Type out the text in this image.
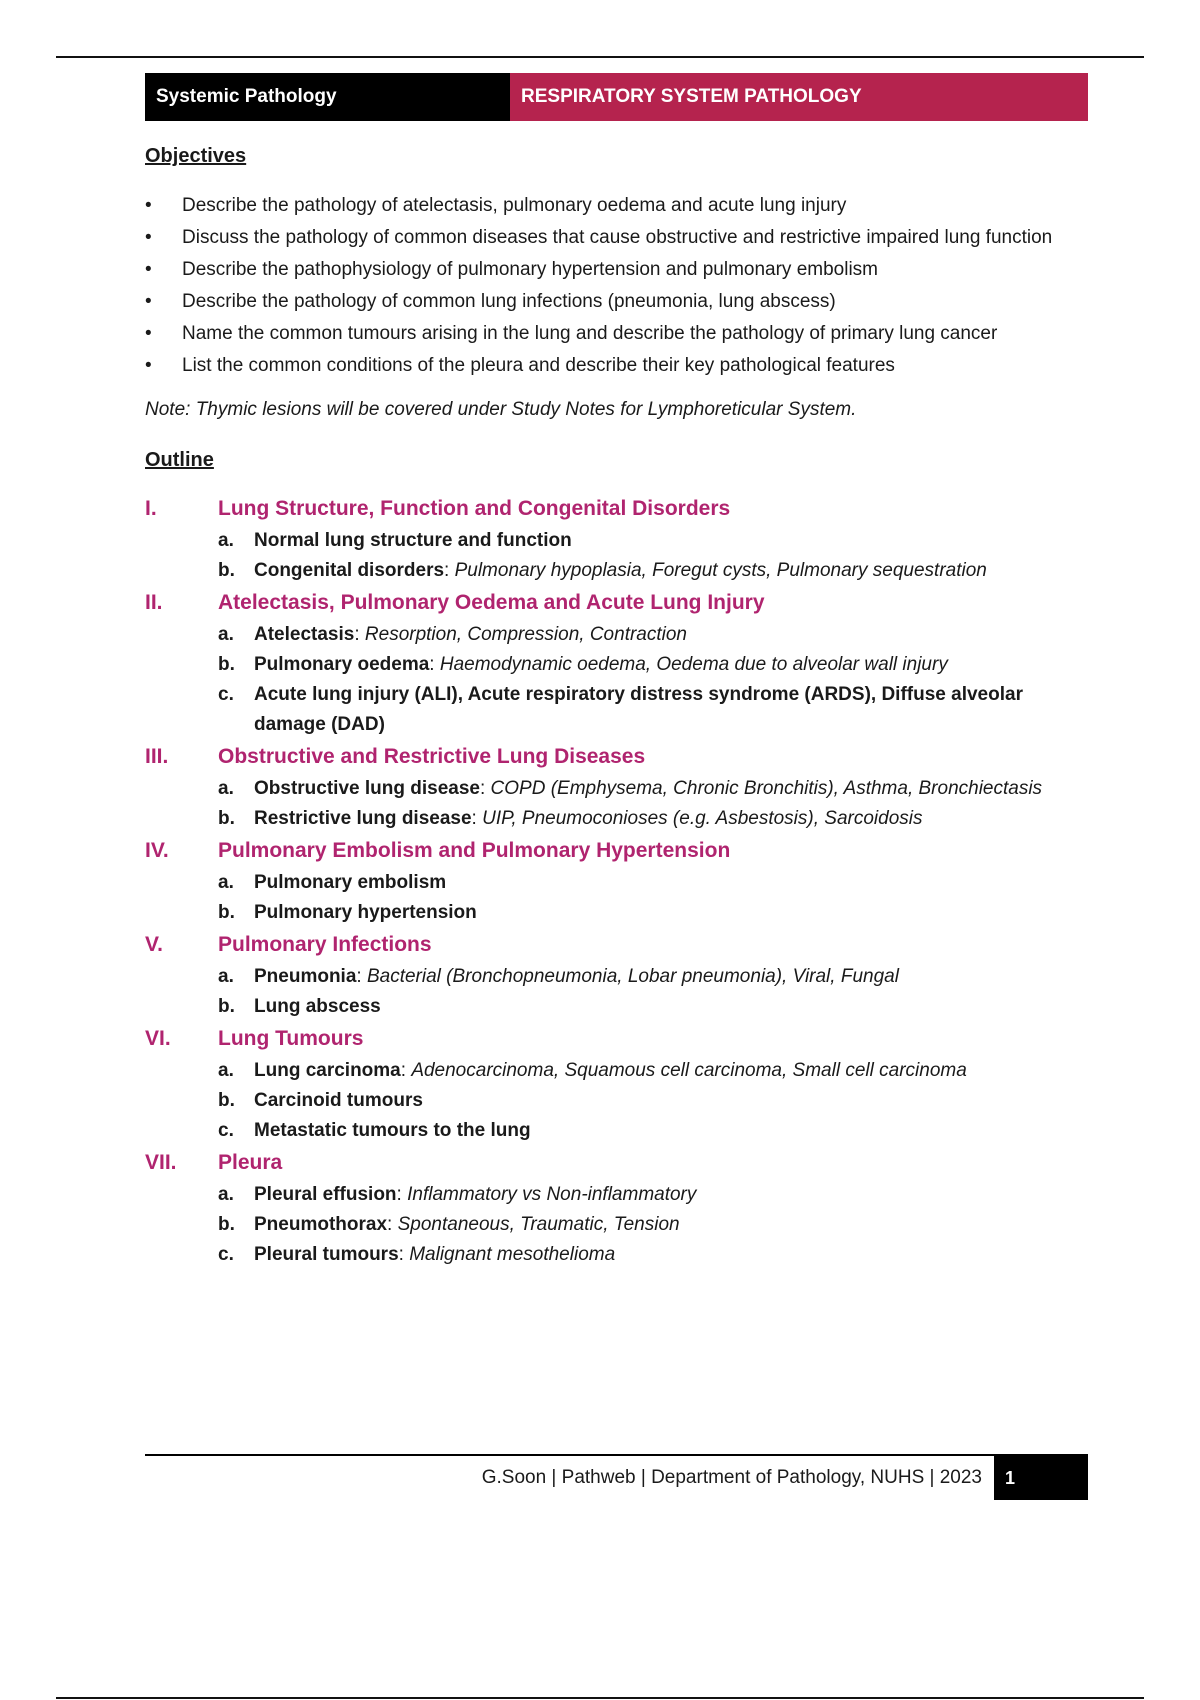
Systemic Pathology	RESPIRATORY SYSTEM PATHOLOGY
Objectives
• Describe the pathology of atelectasis, pulmonary oedema and acute lung injury
• Discuss the pathology of common diseases that cause obstructive and restrictive impaired lung function
• Describe the pathophysiology of pulmonary hypertension and pulmonary embolism
• Describe the pathology of common lung infections (pneumonia, lung abscess)
• Name the common tumours arising in the lung and describe the pathology of primary lung cancer
• List the common conditions of the pleura and describe their key pathological features
Note: Thymic lesions will be covered under Study Notes for Lymphoreticular System.
Outline
I.	Lung Structure, Function and Congenital Disorders
a.	Normal lung structure and function
b.	Congenital disorders: Pulmonary hypoplasia, Foregut cysts, Pulmonary sequestration
II.	Atelectasis, Pulmonary Oedema and Acute Lung Injury
a.	Atelectasis: Resorption, Compression, Contraction
b.	Pulmonary oedema: Haemodynamic oedema, Oedema due to alveolar wall injury
c.	Acute lung injury (ALI), Acute respiratory distress syndrome (ARDS), Diffuse alveolar damage (DAD)
III.	Obstructive and Restrictive Lung Diseases
a.	Obstructive lung disease: COPD (Emphysema, Chronic Bronchitis), Asthma, Bronchiectasis
b.	Restrictive lung disease: UIP, Pneumoconioses (e.g. Asbestosis), Sarcoidosis
IV.	Pulmonary Embolism and Pulmonary Hypertension
a.	Pulmonary embolism
b.	Pulmonary hypertension
V.	Pulmonary Infections
a.	Pneumonia: Bacterial (Bronchopneumonia, Lobar pneumonia), Viral, Fungal
b.	Lung abscess
VI.	Lung Tumours
a.	Lung carcinoma: Adenocarcinoma, Squamous cell carcinoma, Small cell carcinoma
b.	Carcinoid tumours
c.	Metastatic tumours to the lung
VII.	Pleura
a.	Pleural effusion: Inflammatory vs Non-inflammatory
b.	Pneumothorax: Spontaneous, Traumatic, Tension
c.	Pleural tumours: Malignant mesothelioma
G.Soon | Pathweb | Department of Pathology, NUHS | 2023	1
